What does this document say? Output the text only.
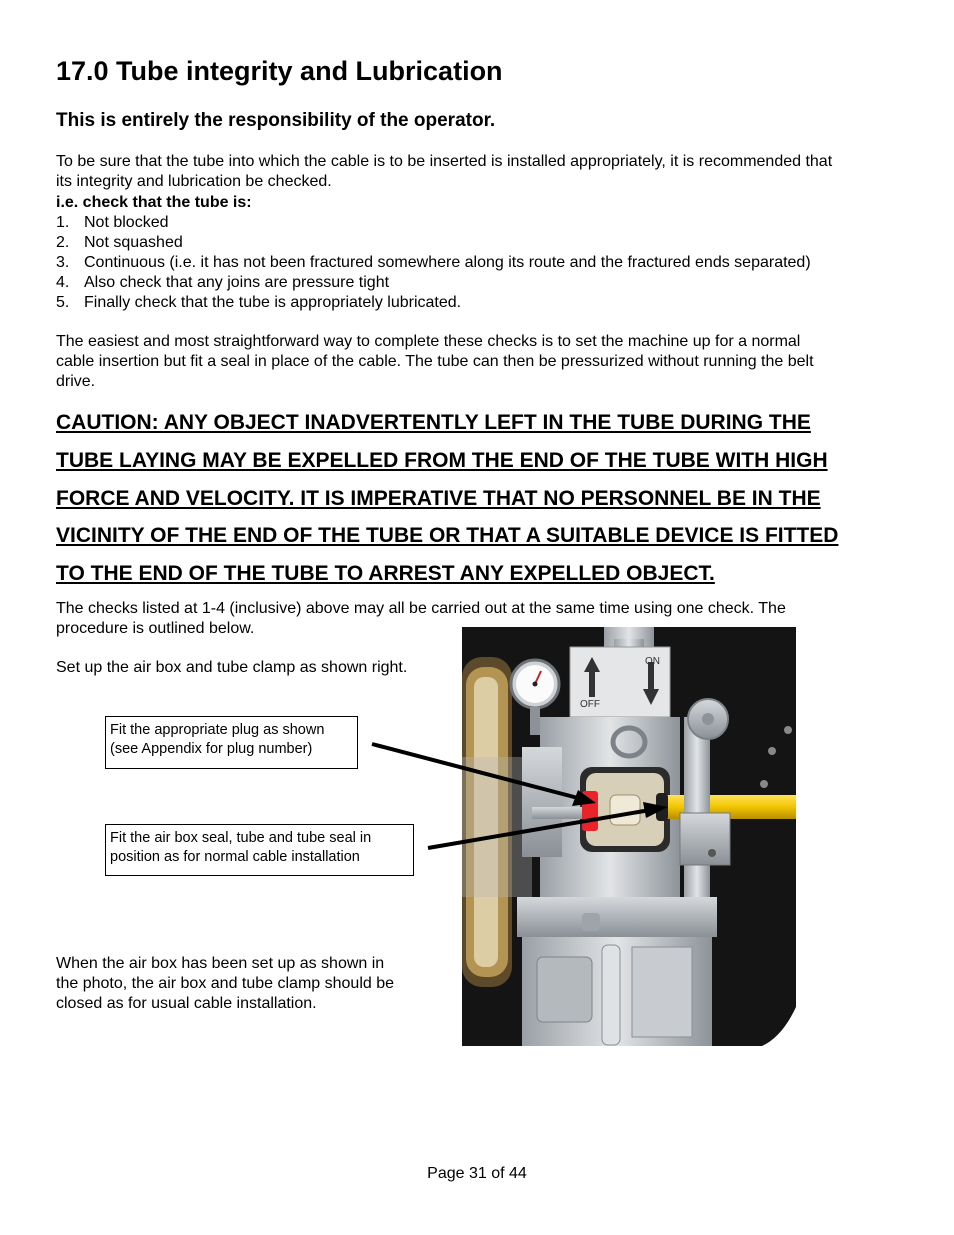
17.0 Tube integrity and Lubrication
This is entirely the responsibility of the operator.
To be sure that the tube into which the cable is to be inserted is installed appropriately, it is recommended that
its integrity and lubrication be checked.
i.e. check that the tube is:
1. Not blocked
2. Not squashed
3. Continuous (i.e. it has not been fractured somewhere along its route and the fractured ends separated)
4. Also check that any joins are pressure tight
5. Finally check that the tube is appropriately lubricated.
The easiest and most straightforward way to complete these checks is to set the machine up for a normal
cable insertion but fit a seal in place of the cable. The tube can then be pressurized without running the belt
drive.
CAUTION: ANY OBJECT INADVERTENTLY LEFT IN THE TUBE DURING THE
TUBE LAYING MAY BE EXPELLED FROM THE END OF THE TUBE WITH HIGH
FORCE AND VELOCITY. IT IS IMPERATIVE THAT NO PERSONNEL BE IN THE
VICINITY OF THE END OF THE TUBE OR THAT A SUITABLE DEVICE IS FITTED
TO THE END OF THE TUBE TO ARREST ANY EXPELLED OBJECT.
The checks listed at 1-4 (inclusive) above may all be carried out at the same time using one check. The
procedure is outlined below.
Set up the air box and tube clamp as shown right.
Fit the appropriate plug as shown
(see Appendix for plug number)
Fit the air box seal, tube and tube seal in
position as for normal cable installation
When the air box has been set up as shown in
the photo, the air box and tube clamp should be
closed as for usual cable installation.
ON
OFF
Page 31 of 44
